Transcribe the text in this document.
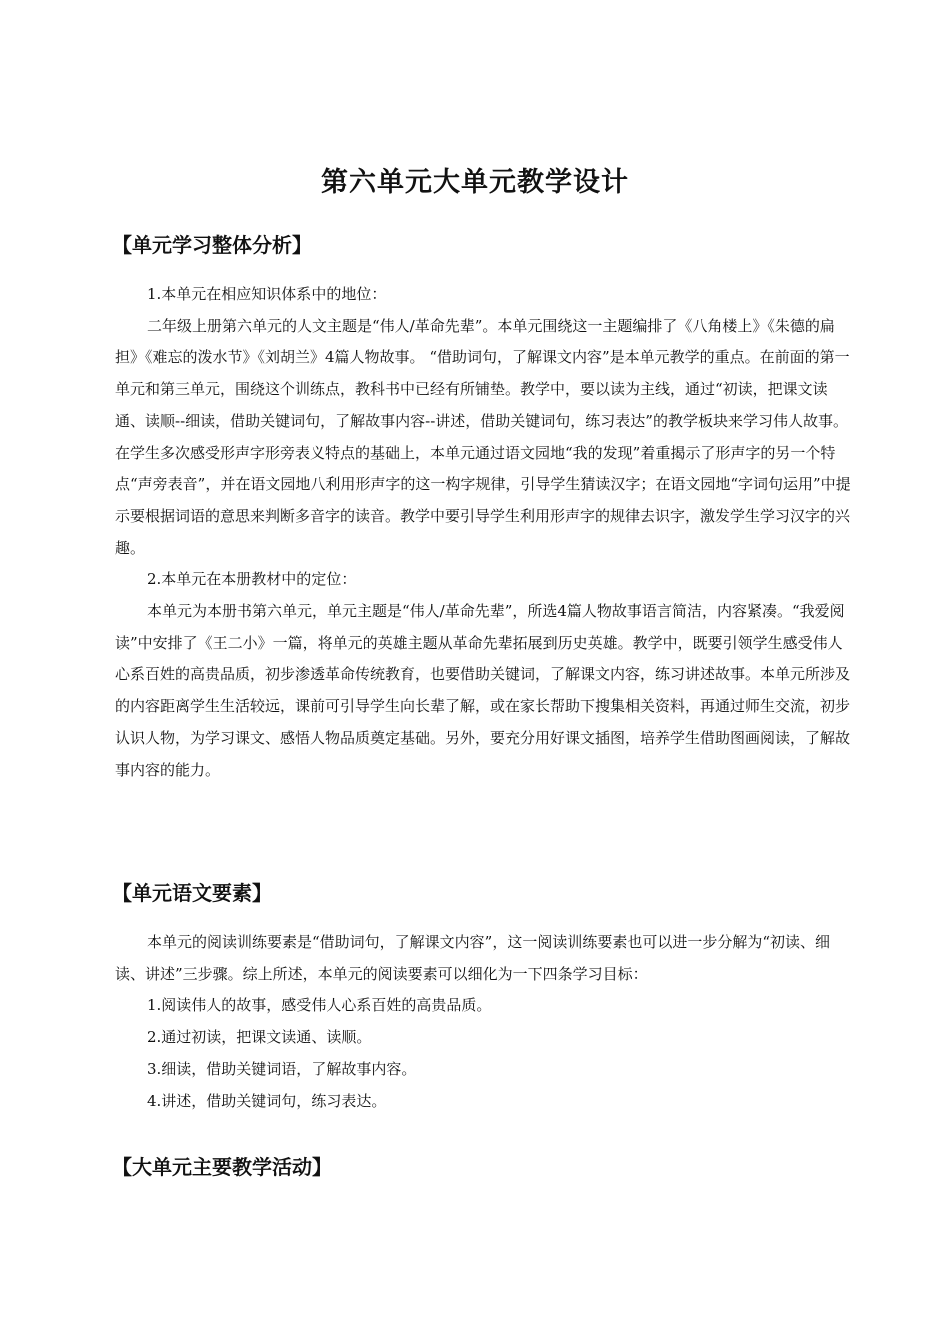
第六单元大单元教学设计
【单元学习整体分析】

1.本单元在相应知识体系中的地位：

二年级上册第六单元的人文主题是“伟人/革命先辈”。本单元围绕这一主题编排了《八角楼上》《朱德的扁担》《难忘的泼水节》《刘胡兰》4篇人物故事。 “借助词句，了解课文内容”是本单元教学的重点。在前面的第一单元和第三单元，围绕这个训练点，教科书中已经有所铺垫。教学中，要以读为主线，通过“初读，把课文读通、读顺--细读，借助关键词句，了解故事内容--讲述，借助关键词句，练习表达”的教学板块来学习伟人故事。在学生多次感受形声字形旁表义特点的基础上，本单元通过语文园地“我的发现”着重揭示了形声字的另一个特点“声旁表音”，并在语文园地八利用形声字的这一构字规律，引导学生猜读汉字；在语文园地“字词句运用”中提示要根据词语的意思来判断多音字的读音。教学中要引导学生利用形声字的规律去识字，激发学生学习汉字的兴趣。

2.本单元在本册教材中的定位：

本单元为本册书第六单元，单元主题是“伟人/革命先辈”，所选4篇人物故事语言简洁，内容紧凑。“我爱阅读”中安排了《王二小》一篇，将单元的英雄主题从革命先辈拓展到历史英雄。教学中，既要引领学生感受伟人心系百姓的高贵品质，初步渗透革命传统教育，也要借助关键词，了解课文内容，练习讲述故事。本单元所涉及的内容距离学生生活较远，课前可引导学生向长辈了解，或在家长帮助下搜集相关资料，再通过师生交流，初步认识人物，为学习课文、感悟人物品质奠定基础。另外，要充分用好课文插图，培养学生借助图画阅读，了解故事内容的能力。

【单元语文要素】

本单元的阅读训练要素是“借助词句，了解课文内容”，这一阅读训练要素也可以进一步分解为“初读、细读、讲述”三步骤。综上所述，本单元的阅读要素可以细化为一下四条学习目标：

1.阅读伟人的故事，感受伟人心系百姓的高贵品质。

2.通过初读，把课文读通、读顺。

3.细读，借助关键词语，了解故事内容。

4.讲述，借助关键词句，练习表达。

【大单元主要教学活动】
